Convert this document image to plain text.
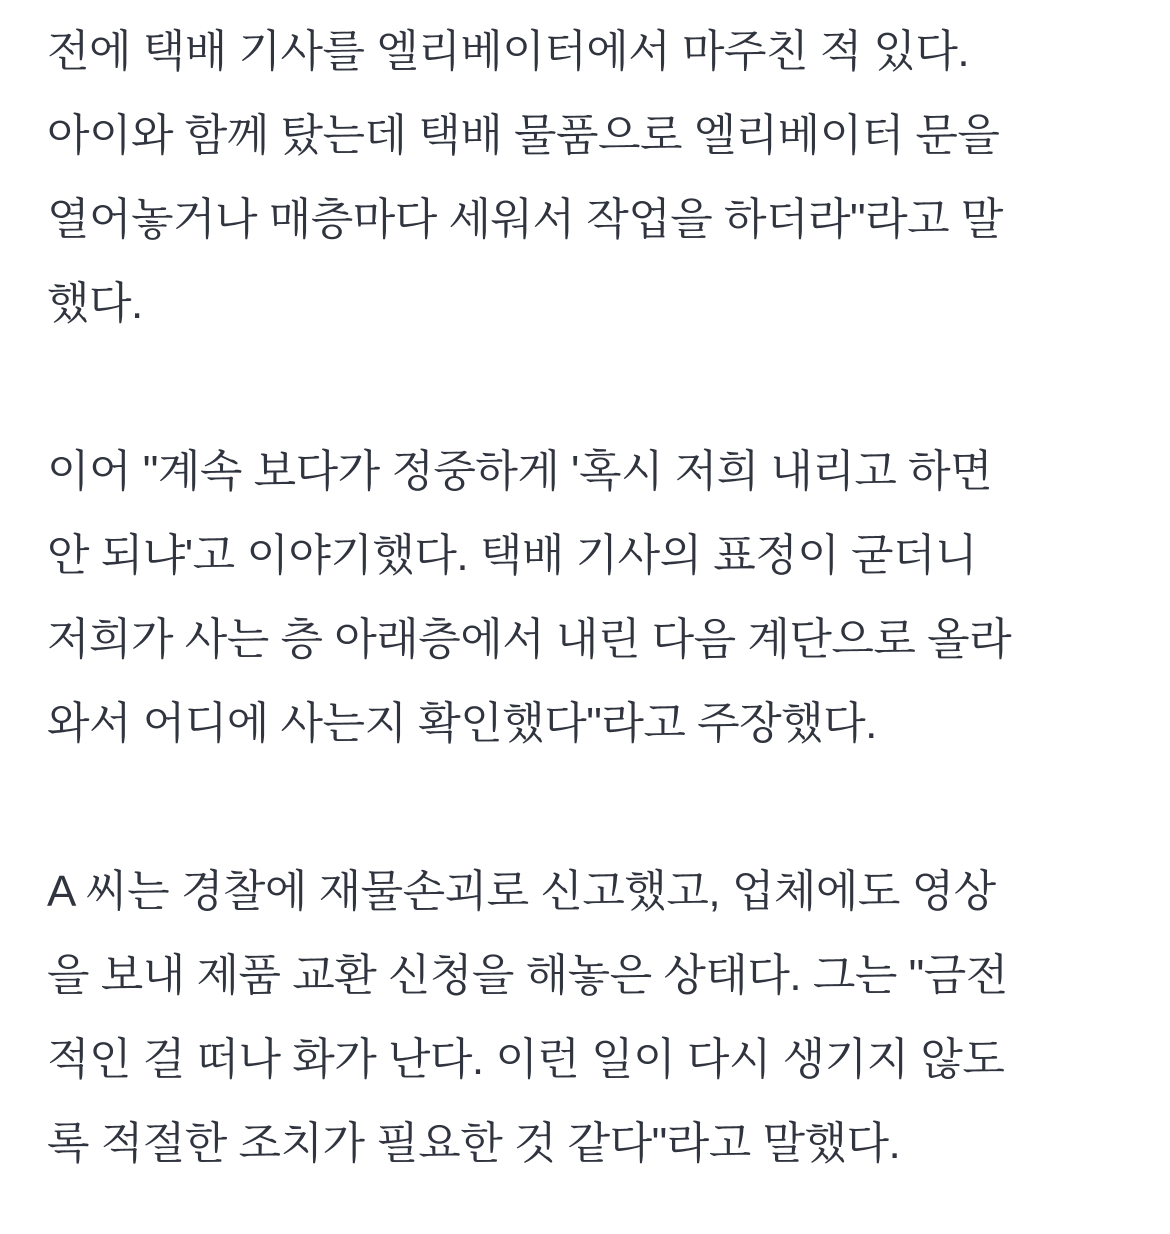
전에 택배 기사를 엘리베이터에서 마주친 적 있다.
아이와 함께 탔는데 택배 물품으로 엘리베이터 문을
열어놓거나 매층마다 세워서 작업을 하더라"라고 말
했다.
이어 "계속 보다가 정중하게 '혹시 저희 내리고 하면
안 되냐'고 이야기했다. 택배 기사의 표정이 굳더니
저희가 사는 층 아래층에서 내린 다음 계단으로 올라
와서 어디에 사는지 확인했다"라고 주장했다.
A 씨는 경찰에 재물손괴로 신고했고, 업체에도 영상
을 보내 제품 교환 신청을 해놓은 상태다. 그는 "금전
적인 걸 떠나 화가 난다. 이런 일이 다시 생기지 않도
록 적절한 조치가 필요한 것 같다"라고 말했다.
